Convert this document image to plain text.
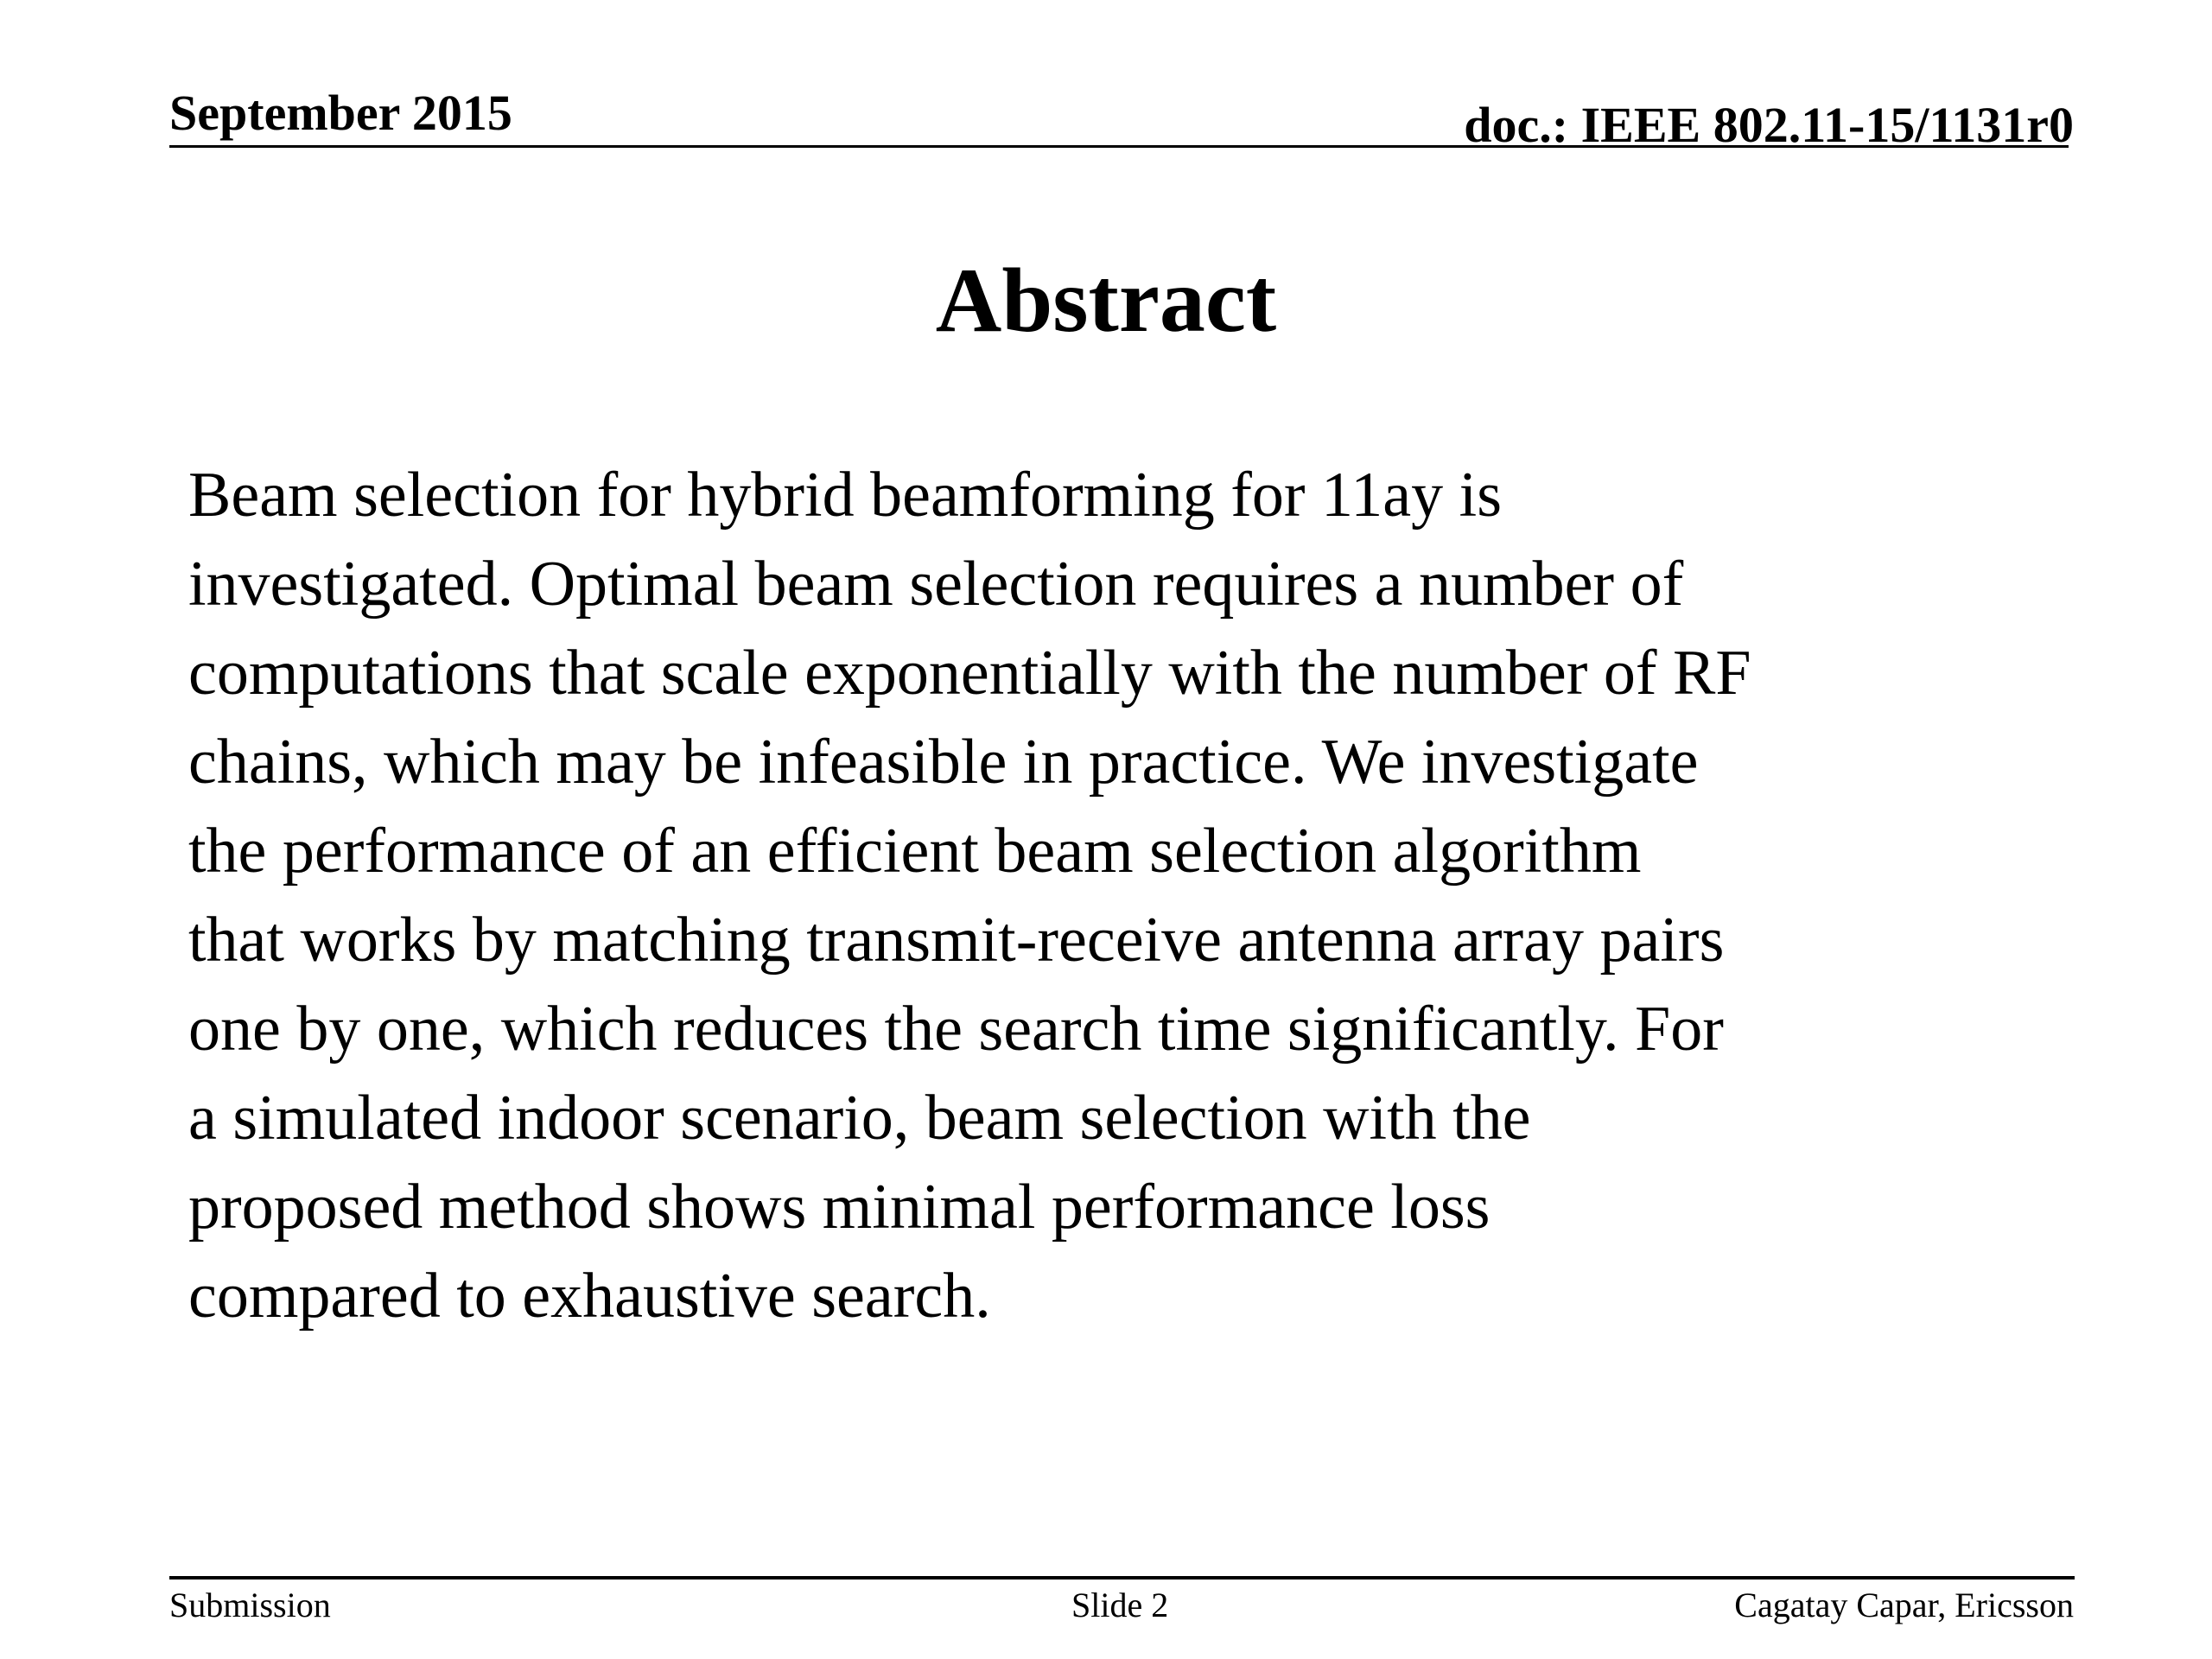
September 2015	doc.: IEEE 802.11-15/1131r0
Abstract
Beam selection for hybrid beamforming for 11ay is
investigated. Optimal beam selection requires a number of
computations that scale exponentially with the number of RF
chains, which may be infeasible in practice. We investigate
the performance of an efficient beam selection algorithm
that works by matching transmit-receive antenna array pairs
one by one, which reduces the search time significantly. For
a simulated indoor scenario, beam selection with the
proposed method shows minimal performance loss
compared to exhaustive search.
Submission	Slide 2	Cagatay Capar, Ericsson
